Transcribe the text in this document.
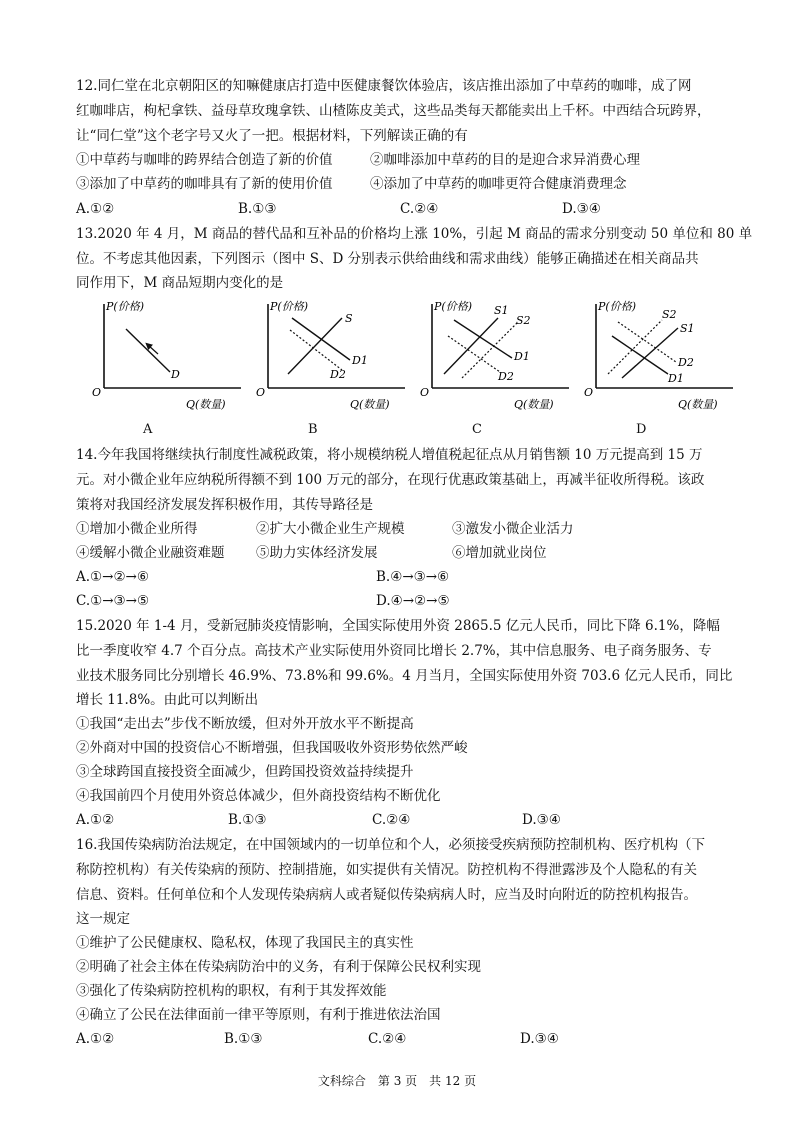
12.同仁堂在北京朝阳区的知嘛健康店打造中医健康餐饮体验店，该店推出添加了中草药的咖啡，成了网
红咖啡店，枸杞拿铁、益母草玫瑰拿铁、山楂陈皮美式，这些品类每天都能卖出上千杯。中西结合玩跨界，
让“同仁堂”这个老字号又火了一把。根据材料，下列解读正确的有
①中草药与咖啡的跨界结合创造了新的价值	②咖啡添加中草药的目的是迎合求异消费心理
③添加了中草药的咖啡具有了新的使用价值	④添加了中草药的咖啡更符合健康消费理念
A.①②	B.①③	C.②④	D.③④
13.2020 年 4 月，M 商品的替代品和互补品的价格均上涨 10%，引起 M 商品的需求分别变动 50 单位和 80 单
位。不考虑其他因素，下列图示（图中 S、D 分别表示供给曲线和需求曲线）能够正确描述在相关商品共
同作用下，M 商品短期内变化的是
P(价格)
O
Q(数量)
D
A
P(价格)
O
Q(数量)
S
D1
D2
B
P(价格)
O
Q(数量)
S1
S2
D1
D2
C
P(价格)
O
Q(数量)
S2
S1
D2
D1
D
14.今年我国将继续执行制度性减税政策，将小规模纳税人增值税起征点从月销售额 10 万元提高到 15 万
元。对小微企业年应纳税所得额不到 100 万元的部分，在现行优惠政策基础上，再减半征收所得税。该政
策将对我国经济发展发挥积极作用，其传导路径是
①增加小微企业所得	②扩大小微企业生产规模	③激发小微企业活力
④缓解小微企业融资难题 ⑤助力实体经济发展	⑥增加就业岗位
A.①→②→⑥	B.④→③→⑥
C.①→③→⑤	D.④→②→⑤
15.2020 年 1-4 月，受新冠肺炎疫情影响，全国实际使用外资 2865.5 亿元人民币，同比下降 6.1%，降幅
比一季度收窄 4.7 个百分点。高技术产业实际使用外资同比增长 2.7%，其中信息服务、电子商务服务、专
业技术服务同比分别增长 46.9%、73.8%和 99.6%。4 月当月，全国实际使用外资 703.6 亿元人民币，同比
增长 11.8%。由此可以判断出
①我国“走出去”步伐不断放缓，但对外开放水平不断提高
②外商对中国的投资信心不断增强，但我国吸收外资形势依然严峻
③全球跨国直接投资全面减少，但跨国投资效益持续提升
④我国前四个月使用外资总体减少，但外商投资结构不断优化
A.①②	B.①③	C.②④	D.③④
16.我国传染病防治法规定，在中国领域内的一切单位和个人，必须接受疾病预防控制机构、医疗机构（下
称防控机构）有关传染病的预防、控制措施，如实提供有关情况。防控机构不得泄露涉及个人隐私的有关
信息、资料。任何单位和个人发现传染病病人或者疑似传染病病人时，应当及时向附近的防控机构报告。
这一规定
①维护了公民健康权、隐私权，体现了我国民主的真实性
②明确了社会主体在传染病防治中的义务，有利于保障公民权利实现
③强化了传染病防控机构的职权，有利于其发挥效能
④确立了公民在法律面前一律平等原则，有利于推进依法治国
A.①②	B.①③	C.②④	D.③④
文科综合　第 3 页　共 12 页
